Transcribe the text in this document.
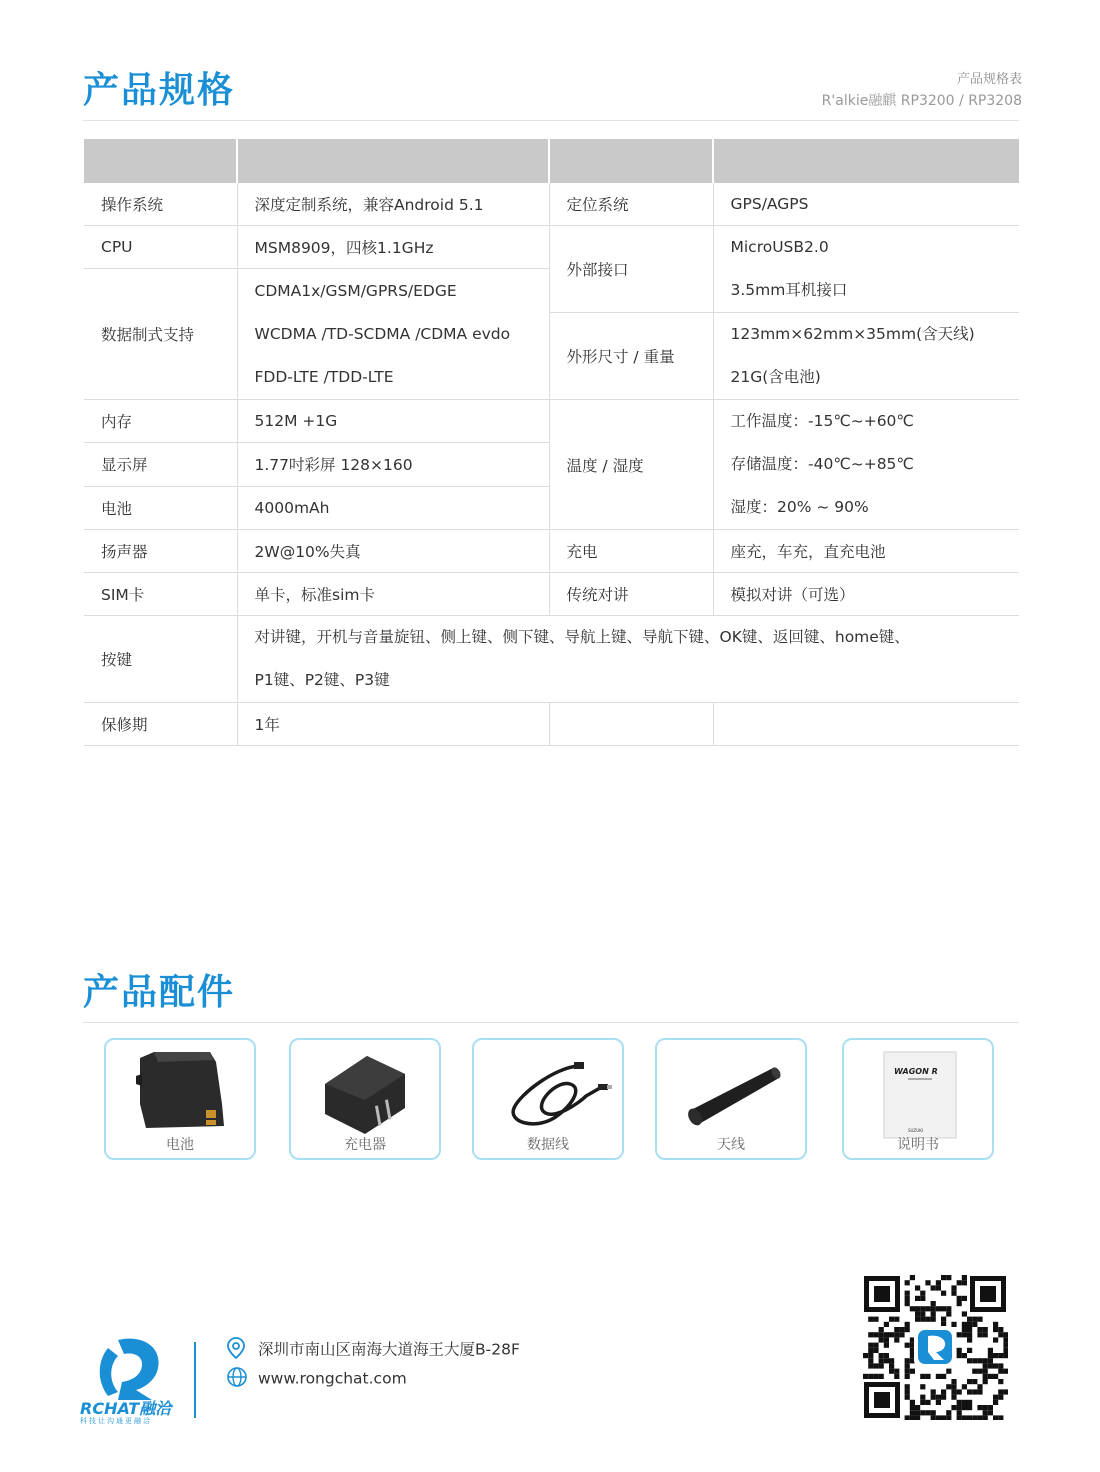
产品规格	产品规格表
R'alkie融麒 RP3200 / RP3208

操作系统	深度定制系统，兼容Android 5.1	定位系统	GPS/AGPS
CPU	MSM8909，四核1.1GHz	外部接口	MicroUSB2.0
3.5mm耳机接口

数据制式支持	CDMA1x/GSM/GPRS/EDGE
WCDMA /TD-SCDMA /CDMA evdo
FDD-LTE /TDD-LTE		

		外形尺寸 / 重量	123mm×62mm×35mm(含天线)
21G(含电池)

内存	512M +1G	温度 / 湿度	工作温度：-15℃~+60℃
存储温度：-40℃~+85℃
湿度：20% ~ 90%

显示屏	1.77吋彩屏 128×160		
电池	4000mAh		
扬声器	2W@10%失真	充电	座充，车充，直充电池
SIM卡	单卡，标准sim卡	传统对讲	模拟对讲（可选）
按键	对讲键，开机与音量旋钮、侧上键、侧下键、导航上键、导航下键、OK键、返回键、home键、
P1键、P2键、P3键		

保修期	1年		
产品配件
电池	充电器	数据线	天线
WAGON R
SUZUKI
说明书
RCHAT融洽
科技让沟通更融洽
深圳市南山区南海大道海王大厦B-28F
www.rongchat.com
